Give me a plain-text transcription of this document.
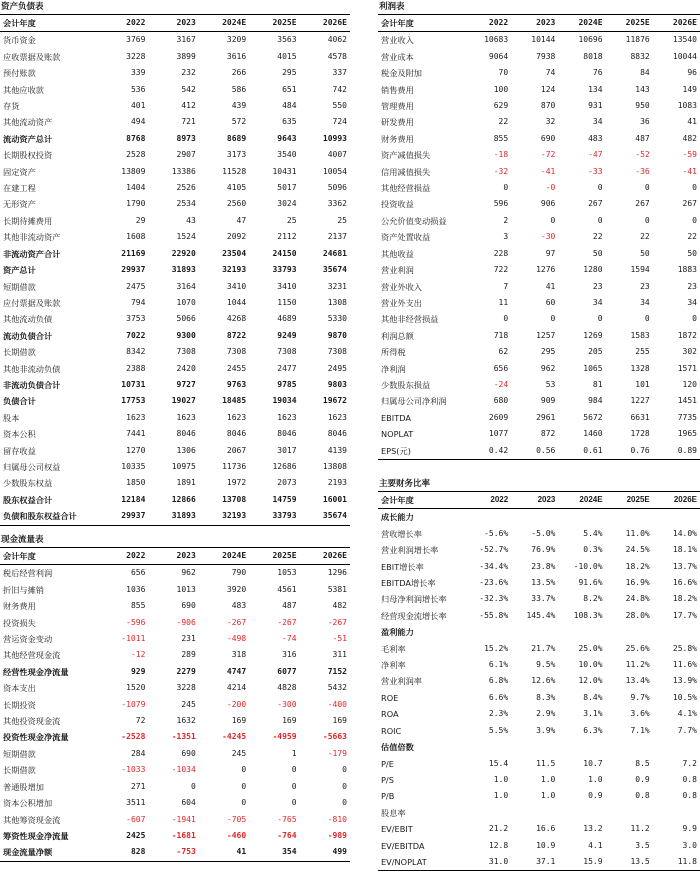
资产负债表
会计年度	2022	2023	2024E	2025E	2026E
货币资金	3769	3167	3209	3563	4062
应收票据及账款	3228	3899	3616	4015	4578
预付账款	339	232	266	295	337
其他应收款	536	542	586	651	742
存货	401	412	439	484	550
其他流动资产	494	721	572	635	724
流动资产总计	8768	8973	8689	9643	10993
长期股权投资	2528	2907	3173	3540	4007
固定资产	13809	13386	11528	10431	10054
在建工程	1404	2526	4105	5017	5096
无形资产	1790	2534	2560	3024	3362
长期待摊费用	29	43	47	25	25
其他非流动资产	1608	1524	2092	2112	2137
非流动资产合计	21169	22920	23504	24150	24681
资产总计	29937	31893	32193	33793	35674
短期借款	2475	3164	3410	3410	3231
应付票据及账款	794	1070	1044	1150	1308
其他流动负债	3753	5066	4268	4689	5330
流动负债合计	7022	9300	8722	9249	9870
长期借款	8342	7308	7308	7308	7308
其他非流动负债	2388	2420	2455	2477	2495
非流动负债合计	10731	9727	9763	9785	9803
负债合计	17753	19027	18485	19034	19672
股本	1623	1623	1623	1623	1623
资本公积	7441	8046	8046	8046	8046
留存收益	1270	1306	2067	3017	4139
归属母公司权益	10335	10975	11736	12686	13808
少数股东权益	1850	1891	1972	2073	2193
股东权益合计	12184	12866	13708	14759	16001
负债和股东权益合计	29937	31893	32193	33793	35674
现金流量表
会计年度	2022	2023	2024E	2025E	2026E
税后经营利润	656	962	790	1053	1296
折旧与摊销	1036	1013	3920	4561	5381
财务费用	855	690	483	487	482
投资损失	-596	-906	-267	-267	-267
营运资金变动	-1011	231	-498	-74	-51
其他经营现金流	-12	289	318	316	311
经营性现金净流量	929	2279	4747	6077	7152
资本支出	1520	3228	4214	4828	5432
长期投资	-1079	245	-200	-300	-400
其他投资现金流	72	1632	169	169	169
投资性现金净流量	-2528	-1351	-4245	-4959	-5663
短期借款	284	690	245	1	-179
长期借款	-1033	-1034	0	0	0
普通股增加	271	0	0	0	0
资本公积增加	3511	604	0	0	0
其他筹资现金流	-607	-1941	-705	-765	-810
筹资性现金净流量	2425	-1681	-460	-764	-989
现金流量净额	828	-753	41	354	499
利润表
会计年度	2022	2023	2024E	2025E	2026E
营业收入	10683	10144	10696	11876	13540
营业成本	9064	7938	8018	8832	10044
税金及附加	70	74	76	84	96
销售费用	100	124	134	143	149
管理费用	629	870	931	950	1083
研发费用	22	32	34	36	41
财务费用	855	690	483	487	482
资产减值损失	-18	-72	-47	-52	-59
信用减值损失	-32	-41	-33	-36	-41
其他经营损益	0	-0	0	0	0
投资收益	596	906	267	267	267
公允价值变动损益	2	0	0	0	0
资产处置收益	3	-30	22	22	22
其他收益	228	97	50	50	50
营业利润	722	1276	1280	1594	1883
营业外收入	7	41	23	23	23
营业外支出	11	60	34	34	34
其他非经营损益	0	0	0	0	0
利润总额	718	1257	1269	1583	1872
所得税	62	295	205	255	302
净利润	656	962	1065	1328	1571
少数股东损益	-24	53	81	101	120
归属母公司净利润	680	909	984	1227	1451
EBITDA	2609	2961	5672	6631	7735
NOPLAT	1077	872	1460	1728	1965
EPS(元)	0.42	0.56	0.61	0.76	0.89
主要财务比率
会计年度	2022	2023	2024E	2025E	2026E
成长能力					
营收增长率	-5.6%	-5.0%	5.4%	11.0%	14.0%
营业利润增长率	-52.7%	76.9%	0.3%	24.5%	18.1%
EBIT增长率	-34.4%	23.8%	-10.0%	18.2%	13.7%
EBITDA增长率	-23.6%	13.5%	91.6%	16.9%	16.6%
归母净利润增长率	-32.3%	33.7%	8.2%	24.8%	18.2%
经营现金流增长率	-55.8%	145.4%	108.3%	28.0%	17.7%
盈利能力					
毛利率	15.2%	21.7%	25.0%	25.6%	25.8%
净利率	6.1%	9.5%	10.0%	11.2%	11.6%
营业利润率	6.8%	12.6%	12.0%	13.4%	13.9%
ROE	6.6%	8.3%	8.4%	9.7%	10.5%
ROA	2.3%	2.9%	3.1%	3.6%	4.1%
ROIC	5.5%	3.9%	6.3%	7.1%	7.7%
估值倍数					
P/E	15.4	11.5	10.7	8.5	7.2
P/S	1.0	1.0	1.0	0.9	0.8
P/B	1.0	1.0	0.9	0.8	0.8
股息率					
EV/EBIT	21.2	16.6	13.2	11.2	9.9
EV/EBITDA	12.8	10.9	4.1	3.5	3.0
EV/NOPLAT	31.0	37.1	15.9	13.5	11.8
